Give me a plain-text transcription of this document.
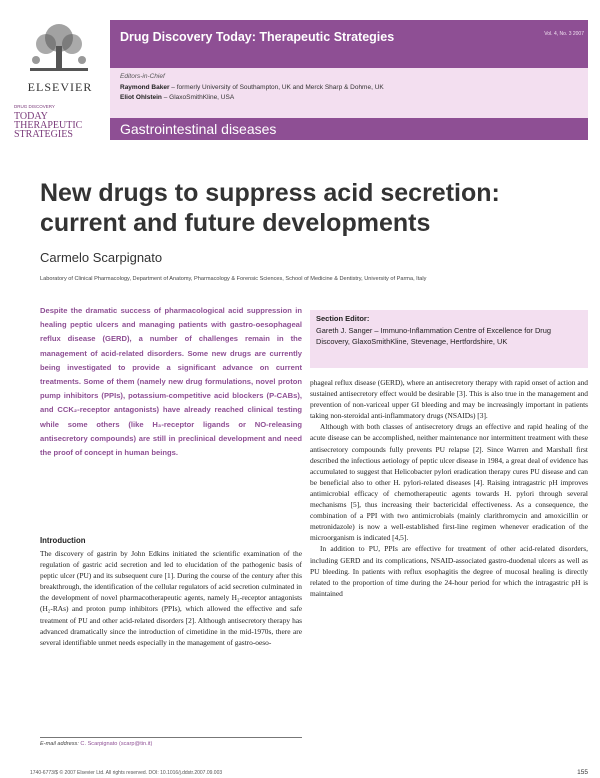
ELSEVIER
DRUG DISCOVERY
TODAY
THERAPEUTIC
STRATEGIES
Drug Discovery Today: Therapeutic Strategies	Vol. 4, No. 3 2007
Editors-in-Chief
Raymond Baker – formerly University of Southampton, UK and Merck Sharp & Dohme, UK
Eliot Ohlstein – GlaxoSmithKline, USA
Gastrointestinal diseases
New drugs to suppress acid secretion: current and future developments
Carmelo Scarpignato
Laboratory of Clinical Pharmacology, Department of Anatomy, Pharmacology & Forensic Sciences, School of Medicine & Dentistry, University of Parma, Italy
Despite the dramatic success of pharmacological acid suppression in healing peptic ulcers and managing patients with gastro-oesophageal reflux disease (GERD), a number of challenges remain in the management of acid-related disorders. Some new drugs are currently being investigated to provide a significant advance on current treatments. Some of them (namely new drug formulations, novel proton pump inhibitors (PPIs), potassium-competitive acid blockers (P-CABs), and CCK₂-receptor antagonists) have already reached clinical testing while some others (like H₃-receptor ligands or NO-releasing antisecretory compounds) are still in preclinical development and need the proof of concept in human beings.
Section Editor:
Gareth J. Sanger – Immuno-Inflammation Centre of Excellence for Drug Discovery, GlaxoSmithKline, Stevenage, Hertfordshire, UK
Introduction

The discovery of gastrin by John Edkins initiated the scientific examination of the regulation of gastric acid secretion and led to elucidation of the pathogenic basis of peptic ulcer (PU) and its subsequent cure [1]. During the course of the century after this breakthrough, the identification of the cellular regulators of acid secretion culminated in the development of novel pharmacotherapeutic agents, namely H₂-receptor antagonists (H₂-RAs) and proton pump inhibitors (PPIs), which allowed the effective and safe treatment of PU and other acid-related disorders [2]. Although antisecretory therapy has advanced dramatically since the introduction of cimetidine in the mid-1970s, there are several identifiable unmet needs especially in the management of gastro-oeso-

phageal reflux disease (GERD), where an antisecretory therapy with rapid onset of action and sustained antisecretory effect would be desirable [3]. This is also true in the management and prevention of non-variceal upper GI bleeding and may be increasingly important in patients taking non-steroidal anti-inflammatory drugs (NSAIDs) [3].

Although with both classes of antisecretory drugs an effective and rapid healing of the acute disease can be accomplished, neither maintenance nor intermittent treatment with these antisecretory compounds fully prevents PU relapse [2]. Since Warren and Marshall first described the infectious aetiology of peptic ulcer disease in 1984, a great deal of evidence has accumulated to suggest that Helicobacter pylori eradication therapy cures PU disease and can be beneficial also to other H. pylori-related diseases [4]. Raising intragastric pH improves antimicrobial efficacy of chemotherapeutic agents towards H. pylori through several mechanisms [5], thus increasing their bactericidal effectiveness. As a consequence, the combination of a PPI with two antimicrobials (mainly clarithromycin and amoxicillin or metronidazole) is now a well-established first-line regimen whenever eradication of the microorganism is indicated [4,5].

In addition to PU, PPIs are effective for treatment of other acid-related disorders, including GERD and its complications, NSAID-associated gastro-duodenal ulcers as well as PU bleeding. In patients with reflux esophagitis the degree of mucosal healing is directly related to the proportion of time during the 24-hour period for which the intragastric pH is maintained

E-mail address: C. Scarpignato (scarp@tin.it)
1740-6773/$ © 2007 Elsevier Ltd. All rights reserved. DOI: 10.1016/j.ddstr.2007.09.003	155
